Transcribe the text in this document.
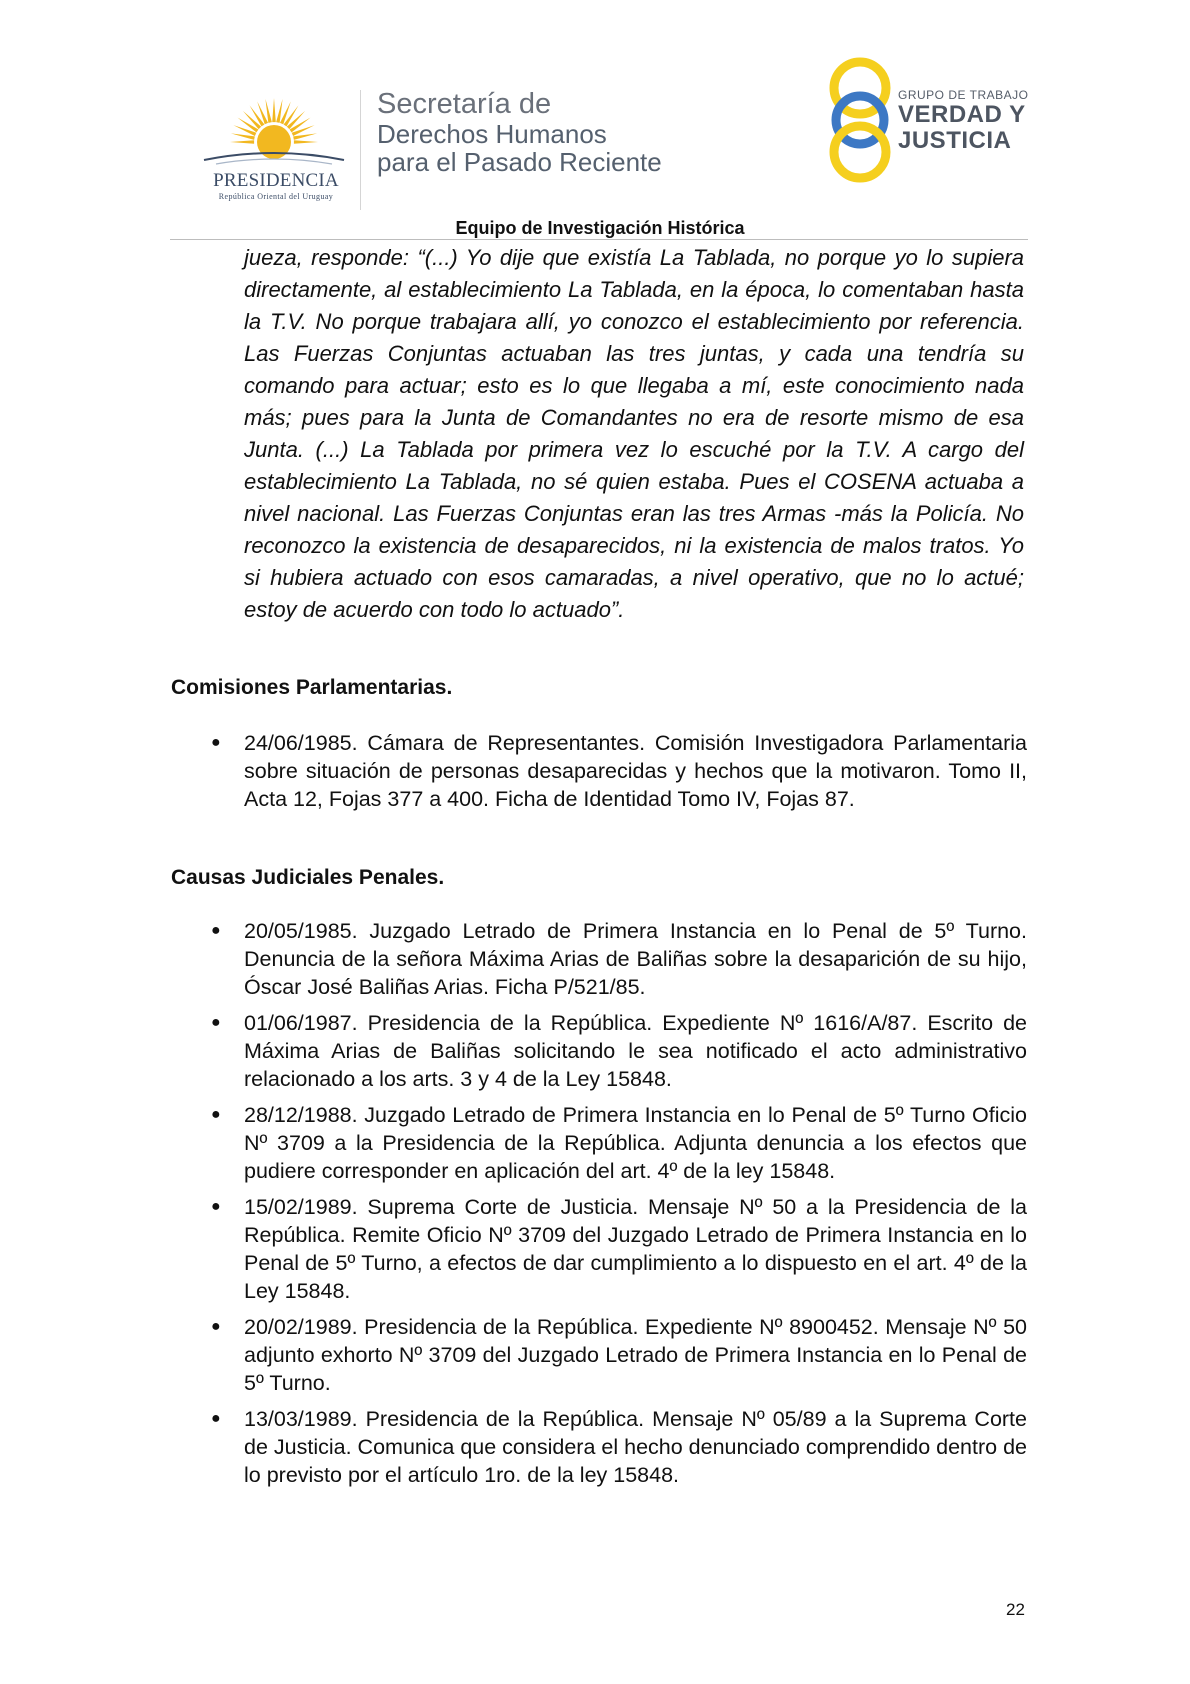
PRESIDENCIA
República Oriental del Uruguay
Secretaría de
Derechos Humanos
para el Pasado Reciente
GRUPO DE TRABAJO
VERDAD Y
JUSTICIA
Equipo de Investigación Histórica
jueza, responde: “(...) Yo dije que existía La Tablada, no porque yo lo supiera directamente, al establecimiento La Tablada, en la época, lo comentaban hasta la T.V. No porque trabajara allí, yo conozco el establecimiento por referencia. Las Fuerzas Conjuntas actuaban las tres juntas, y cada una tendría su comando para actuar; esto es lo que llegaba a mí, este conocimiento nada más; pues para la Junta de Comandantes no era de resorte mismo de esa Junta. (...) La Tablada por primera vez lo escuché por la T.V. A cargo del establecimiento La Tablada, no sé quien estaba. Pues el COSENA actuaba a nivel nacional. Las Fuerzas Conjuntas eran las tres Armas -más la Policía. No reconozco la existencia de desaparecidos, ni la existencia de malos tratos. Yo si hubiera actuado con esos camaradas, a nivel operativo, que no lo actué; estoy de acuerdo con todo lo actuado”.
Comisiones Parlamentarias.
● 24/06/1985. Cámara de Representantes. Comisión Investigadora Parlamentaria sobre situación de personas desaparecidas y hechos que la motivaron. Tomo II, Acta 12, Fojas 377 a 400. Ficha de Identidad Tomo IV, Fojas 87.
Causas Judiciales Penales.
● 20/05/1985. Juzgado Letrado de Primera Instancia en lo Penal de 5º Turno. Denuncia de la señora Máxima Arias de Baliñas sobre la desaparición de su hijo, Óscar José Baliñas Arias. Ficha P/521/85.
● 01/06/1987. Presidencia de la República. Expediente Nº 1616/A/87. Escrito de Máxima Arias de Baliñas solicitando le sea notificado el acto administrativo relacionado a los arts. 3 y 4 de la Ley 15848.
● 28/12/1988. Juzgado Letrado de Primera Instancia en lo Penal de 5º Turno Oficio Nº 3709 a la Presidencia de la República. Adjunta denuncia a los efectos que pudiere corresponder en aplicación del art. 4º de la ley 15848.
● 15/02/1989. Suprema Corte de Justicia. Mensaje Nº 50 a la Presidencia de la República. Remite Oficio Nº 3709 del Juzgado Letrado de Primera Instancia en lo Penal de 5º Turno, a efectos de dar cumplimiento a lo dispuesto en el art. 4º de la Ley 15848.
● 20/02/1989. Presidencia de la República. Expediente Nº 8900452. Mensaje Nº 50 adjunto exhorto Nº 3709 del Juzgado Letrado de Primera Instancia en lo Penal de 5º Turno.
● 13/03/1989. Presidencia de la República. Mensaje Nº 05/89 a la Suprema Corte de Justicia. Comunica que considera el hecho denunciado comprendido dentro de lo previsto por el artículo 1ro. de la ley 15848.
22
